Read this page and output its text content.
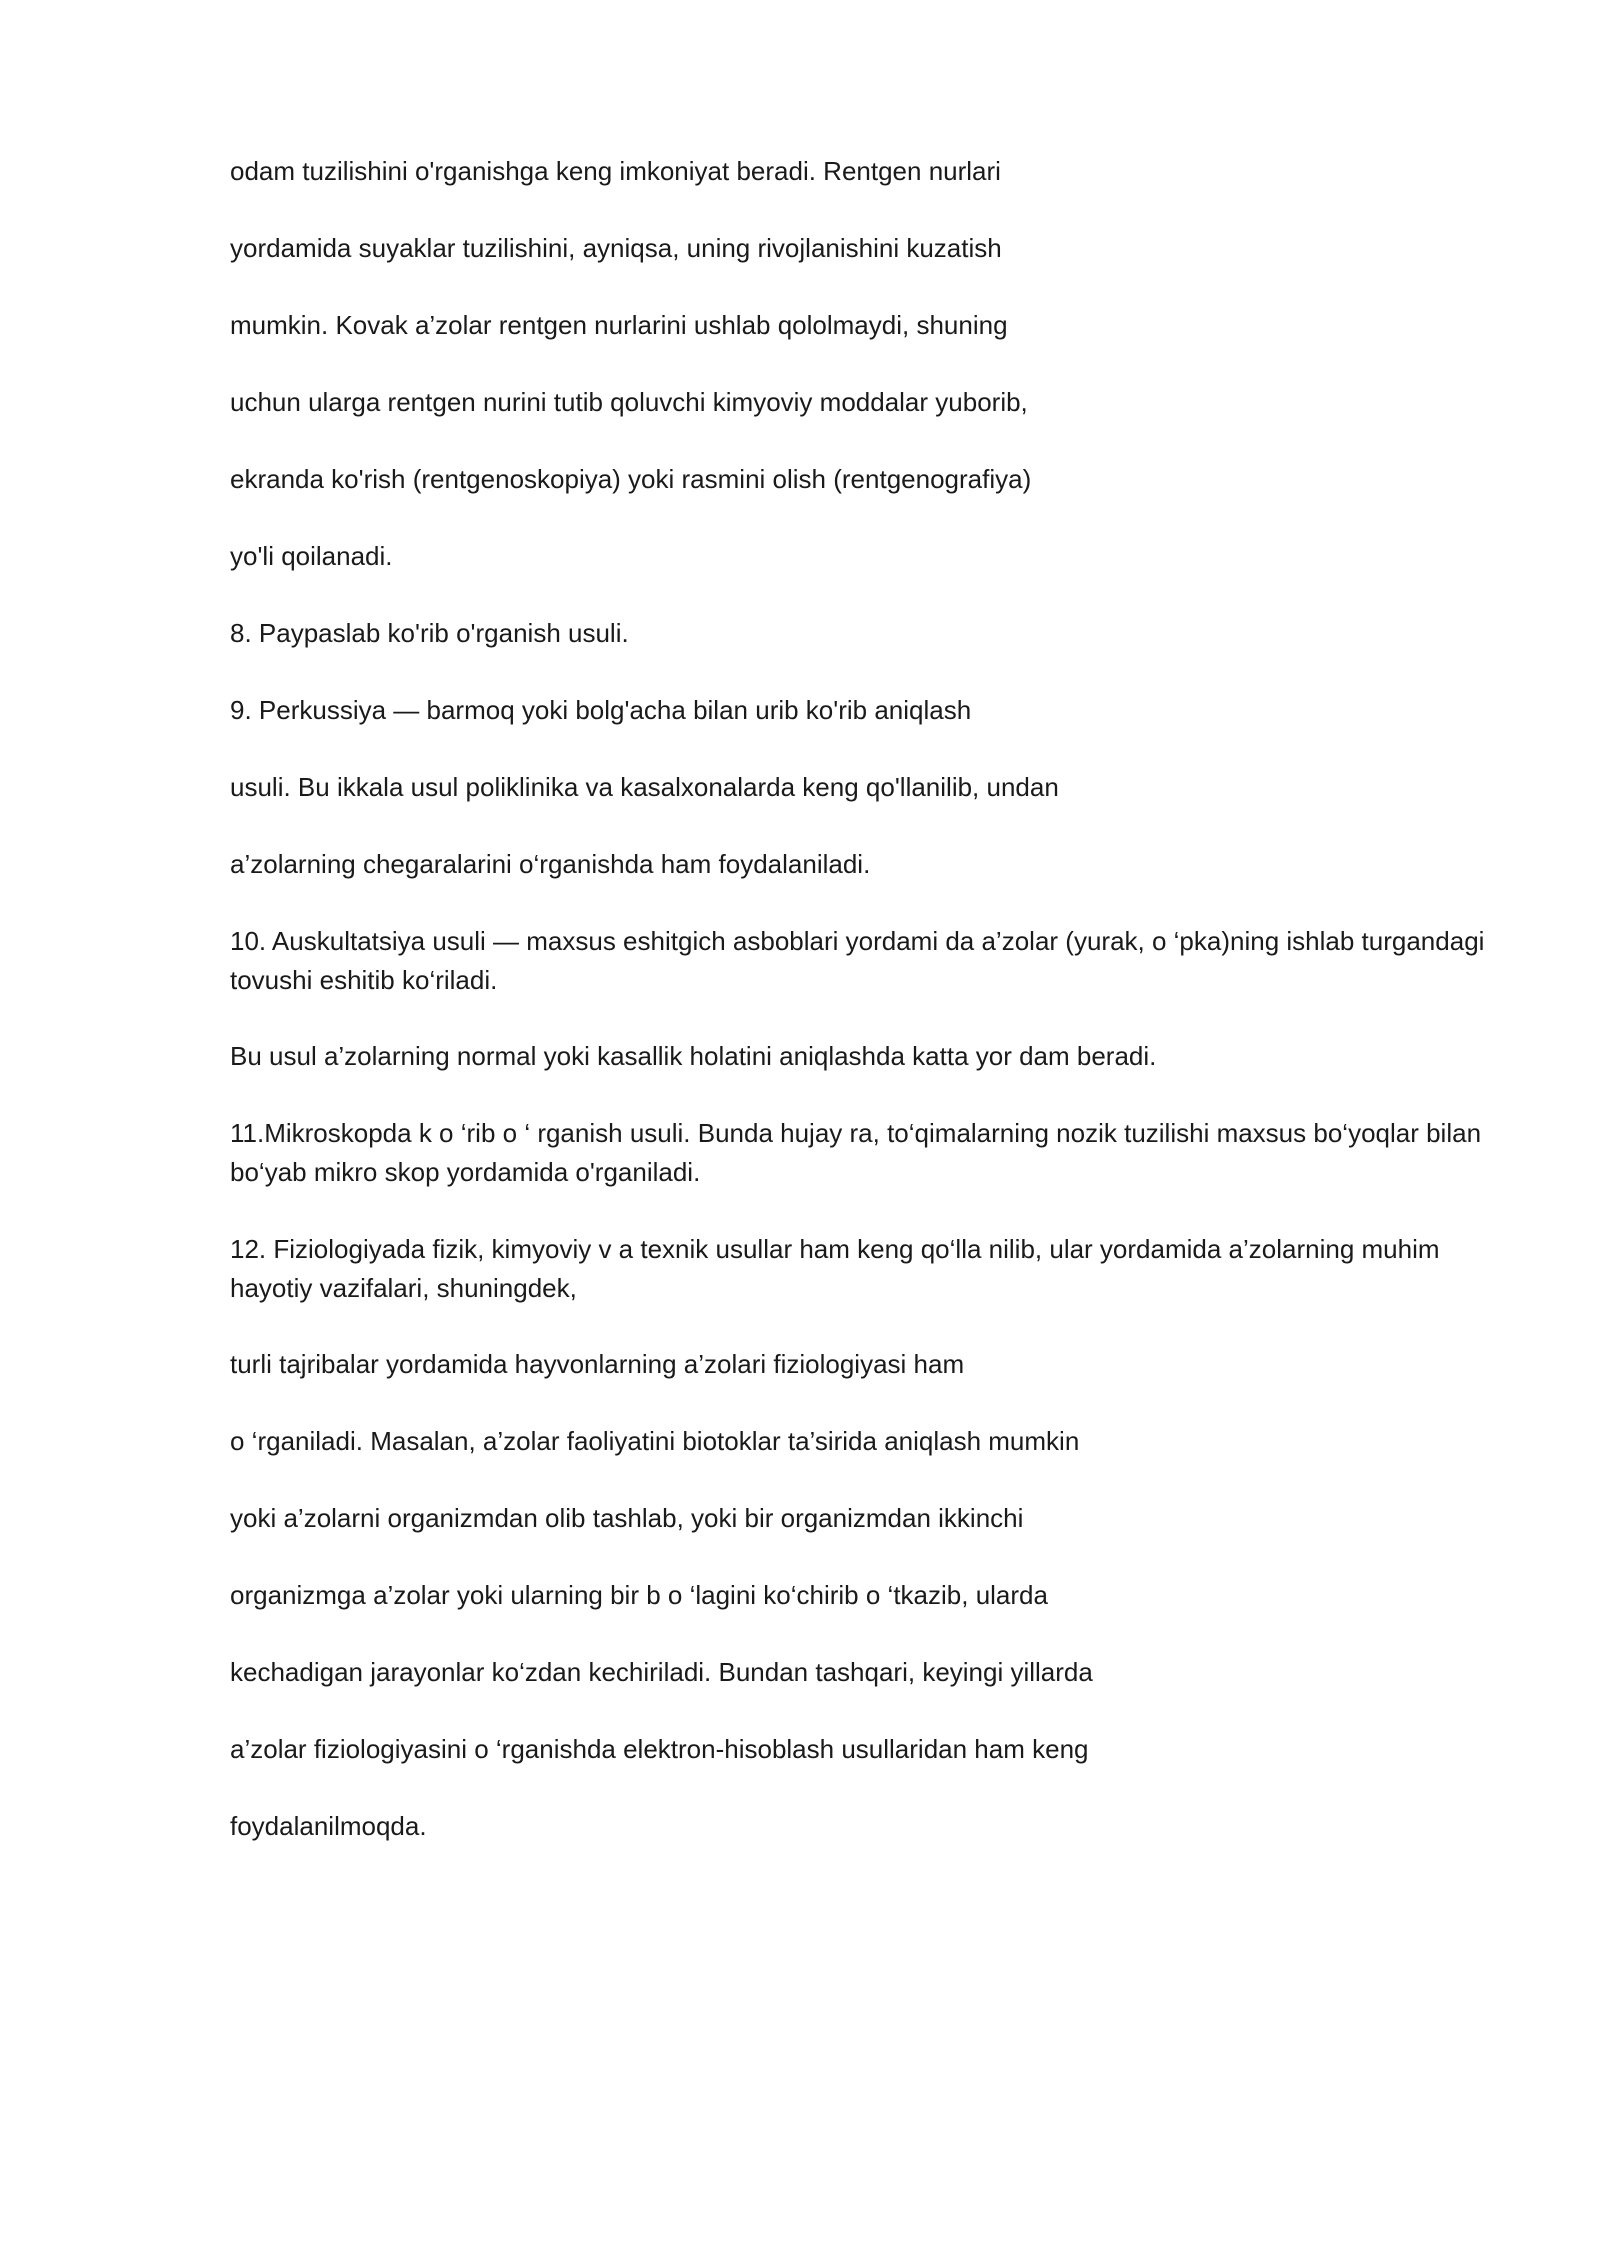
odam tuzilishini o'rganishga keng imkoniyat beradi. Rentgen nurlari

yordamida suyaklar tuzilishini, ayniqsa, uning rivojlanishini kuzatish

mumkin. Kovak a’zolar rentgen nurlarini ushlab qololmaydi, shuning

uchun ularga rentgen nurini tutib qoluvchi kimyoviy moddalar yuborib,

ekranda ko'rish (rentgenoskopiya) yoki rasmini olish (rentgenografiya)

yo'li qoilanadi.

8. Paypaslab ko'rib o'rganish usuli.

9. Perkussiya — barmoq yoki bolg'acha bilan urib ko'rib aniqlash

usuli. Bu ikkala usul poliklinika va kasalxonalarda keng qo'llanilib, undan

a’zolarning chegaralarini o‘rganishda ham foydalaniladi.

10. Auskultatsiya usuli — maxsus eshitgich asboblari yordami da a’zolar (yurak, o ‘pka)ning ishlab turgandagi tovushi eshitib ko‘riladi.

Bu usul a’zolarning normal yoki kasallik holatini aniqlashda katta yor dam beradi.

11.Mikroskopda k o ‘rib o ‘ rganish usuli. Bunda hujay ra, to‘qimalarning nozik tuzilishi maxsus bo‘yoqlar bilan bo‘yab mikro skop yordamida o'rganiladi.

12. Fiziologiyada fizik, kimyoviy v a texnik usullar ham keng qo‘lla nilib, ular yordamida a’zolarning muhim hayotiy vazifalari, shuningdek,

turli tajribalar yordamida hayvonlarning a’zolari fiziologiyasi ham

o ‘rganiladi. Masalan, a’zolar faoliyatini biotoklar ta’sirida aniqlash mumkin

yoki a’zolarni organizmdan olib tashlab, yoki bir organizmdan ikkinchi

organizmga a’zolar yoki ularning bir b o ‘lagini ko‘chirib o ‘tkazib, ularda

kechadigan jarayonlar ko‘zdan kechiriladi. Bundan tashqari, keyingi yillarda

a’zolar fiziologiyasini o ‘rganishda elektron-hisoblash usullaridan ham keng

foydalanilmoqda.
